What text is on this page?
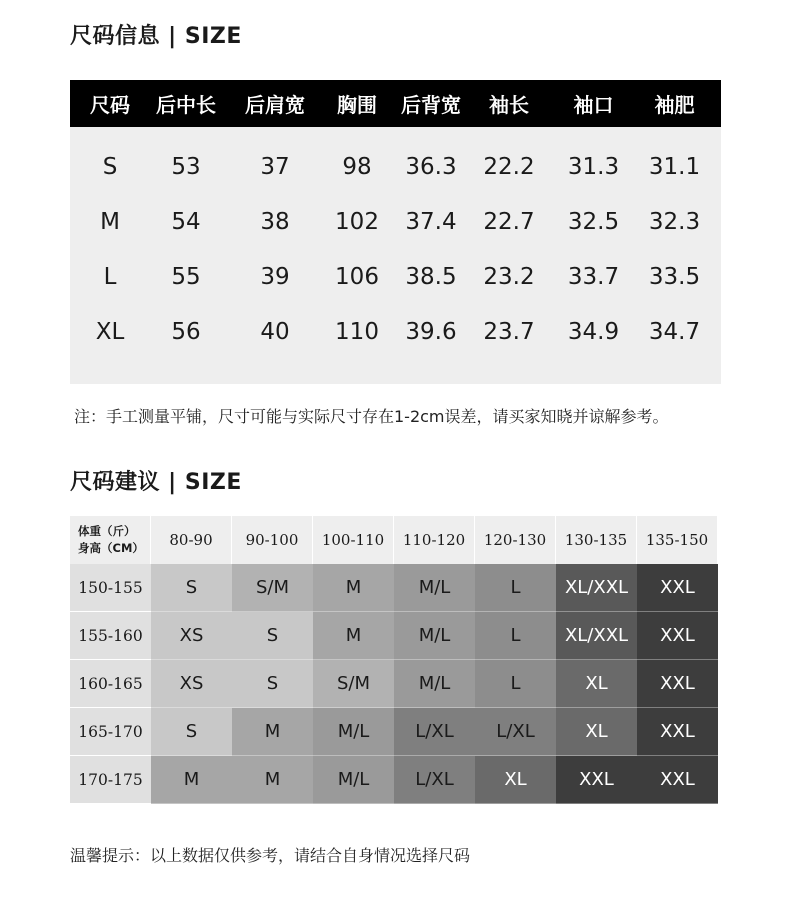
尺码信息 | SIZE
尺码	后中长	后肩宽	胸围	后背宽	袖长	袖口	袖肥
S	53	37	98	36.3	22.2	31.3	31.1
M	54	38	102	37.4	22.7	32.5	32.3
L	55	39	106	38.5	23.2	33.7	33.5
XL	56	40	110	39.6	23.7	34.9	34.7
注：手工测量平铺，尺寸可能与实际尺寸存在1-2cm误差，请买家知晓并谅解参考。
尺码建议 | SIZE
体重（斤）
身高（CM）	80-90	90-100	100-110	110-120	120-130	130-135	135-150
150-155	S	S/M	M	M/L	L	XL/XXL	XXL
155-160	XS	S	M	M/L	L	XL/XXL	XXL
160-165	XS	S	S/M	M/L	L	XL	XXL
165-170	S	M	M/L	L/XL	L/XL	XL	XXL
170-175	M	M	M/L	L/XL	XL	XXL	XXL
温馨提示：以上数据仅供参考，请结合自身情况选择尺码
